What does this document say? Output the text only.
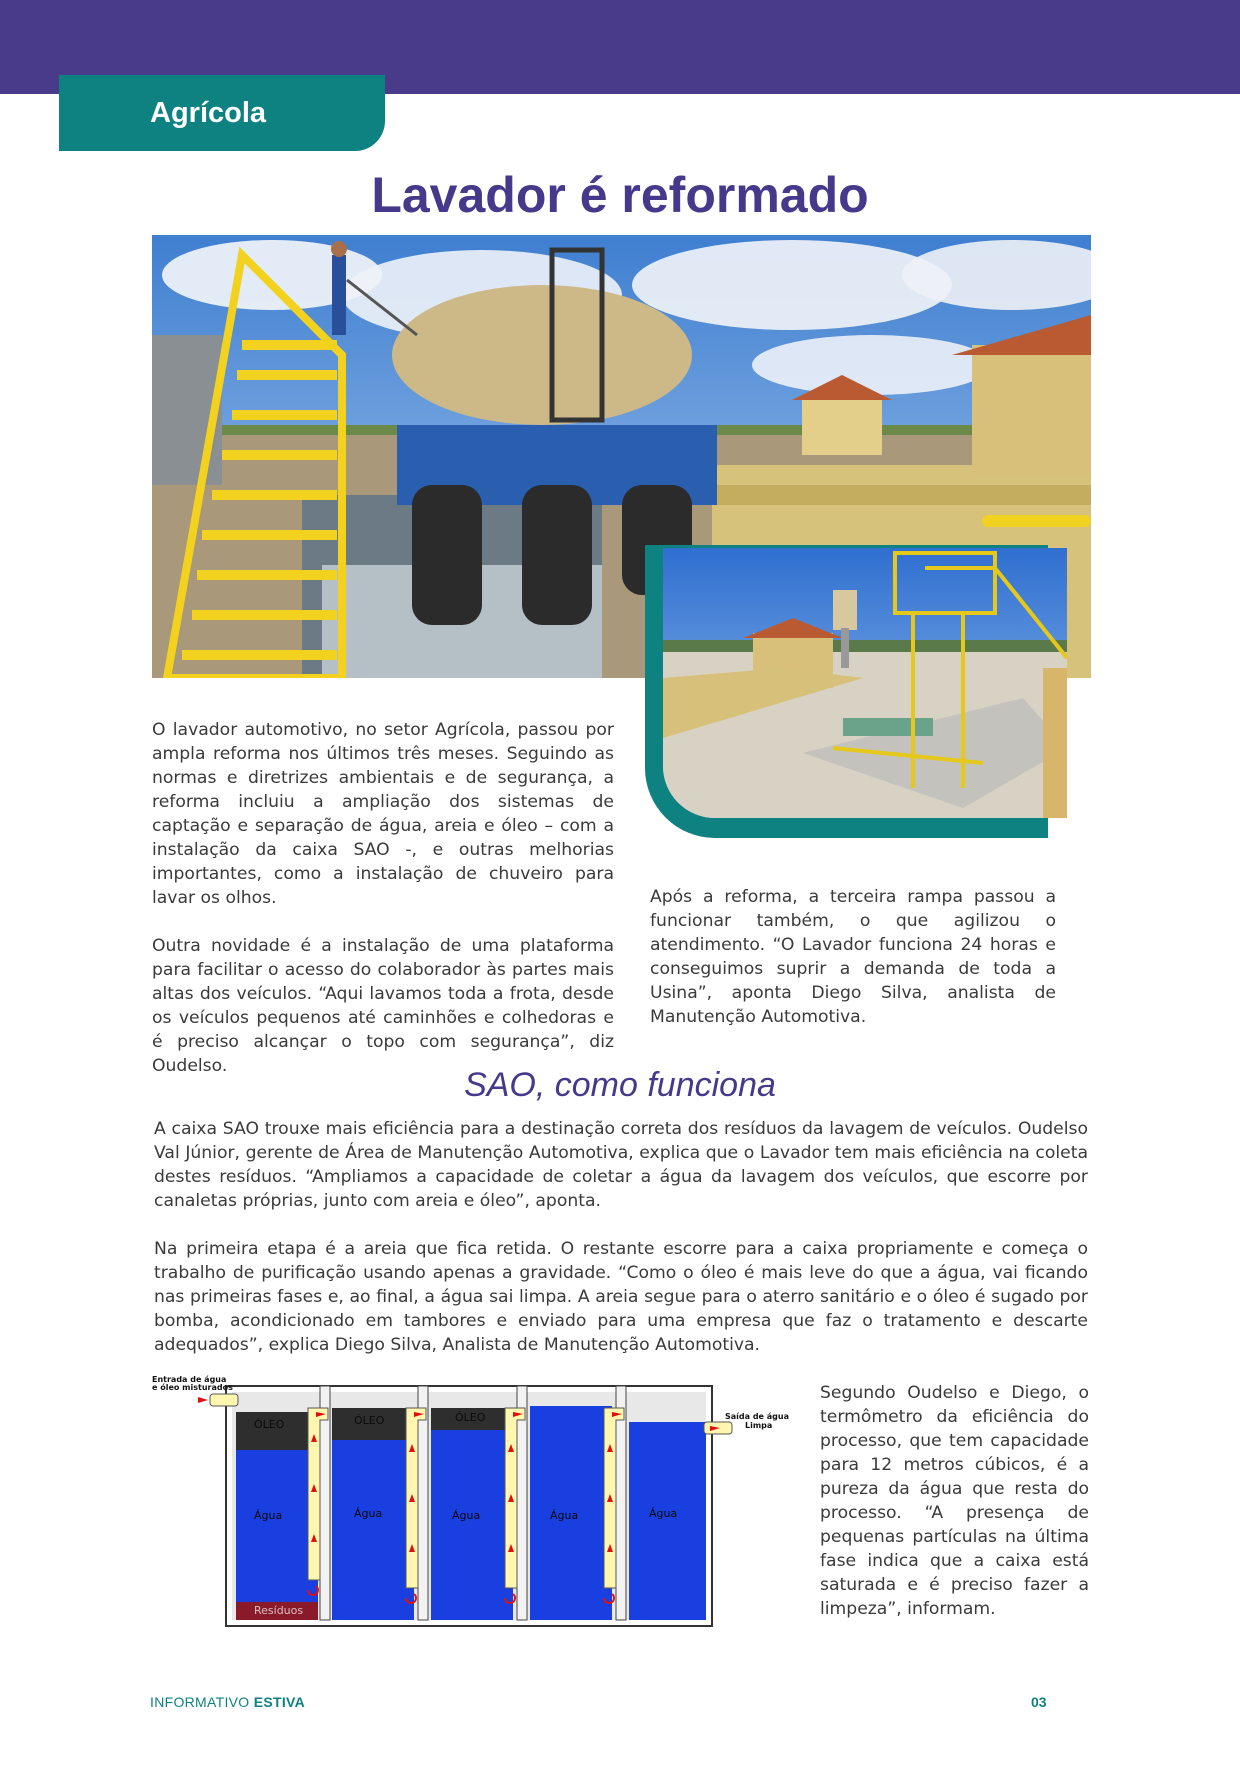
Agrícola
Lavador é reformado

O lavador automotivo, no setor Agrícola, passou por ampla reforma nos últimos três meses. Seguindo as normas e diretrizes ambientais e de segurança, a reforma incluiu a ampliação dos sistemas de captação e separação de água, areia e óleo – com a instalação da caixa SAO -, e outras melhorias importantes, como a instalação de chuveiro para lavar os olhos.

Outra novidade é a instalação de uma plataforma para facilitar o acesso do colaborador às partes mais altas dos veículos. “Aqui lavamos toda a frota, desde os veículos pequenos até caminhões e colhedoras e é preciso alcançar o topo com segurança”, diz Oudelso.

Após a reforma, a terceira rampa passou a funcionar também, o que agilizou o atendimento. “O Lavador funciona 24 horas e conseguimos suprir a demanda de toda a Usina”, aponta Diego Silva, analista de Manutenção Automotiva.

SAO, como funciona

A caixa SAO trouxe mais eficiência para a destinação correta dos resíduos da lavagem de veículos. Oudelso Val Júnior, gerente de Área de Manutenção Automotiva, explica que o Lavador tem mais eficiência na coleta destes resíduos. “Ampliamos a capacidade de coletar a água da lavagem dos veículos, que escorre por canaletas próprias, junto com areia e óleo”, aponta.

Na primeira etapa é a areia que fica retida. O restante escorre para a caixa propriamente e começa o trabalho de purificação usando apenas a gravidade. “Como o óleo é mais leve do que a água, vai ficando nas primeiras fases e, ao final, a água sai limpa. A areia segue para o aterro sanitário e o óleo é sugado por bomba, acondicionado em tambores e enviado para uma empresa que faz o tratamento e descarte adequados”, explica Diego Silva, Analista de Manutenção Automotiva.

Entrada de água
e óleo misturados
Saída de água
Limpa
ÓLEO
Água
Resíduos
ÓLEO
Água
ÓLEO
Água	Água	Água

Segundo Oudelso e Diego, o termômetro da eficiência do processo, que tem capacidade para 12 metros cúbicos, é a pureza da água que resta do processo. “A presença de pequenas partículas na última fase indica que a caixa está saturada e é preciso fazer a limpeza”, informam.

INFORMATIVO ESTIVA	03
